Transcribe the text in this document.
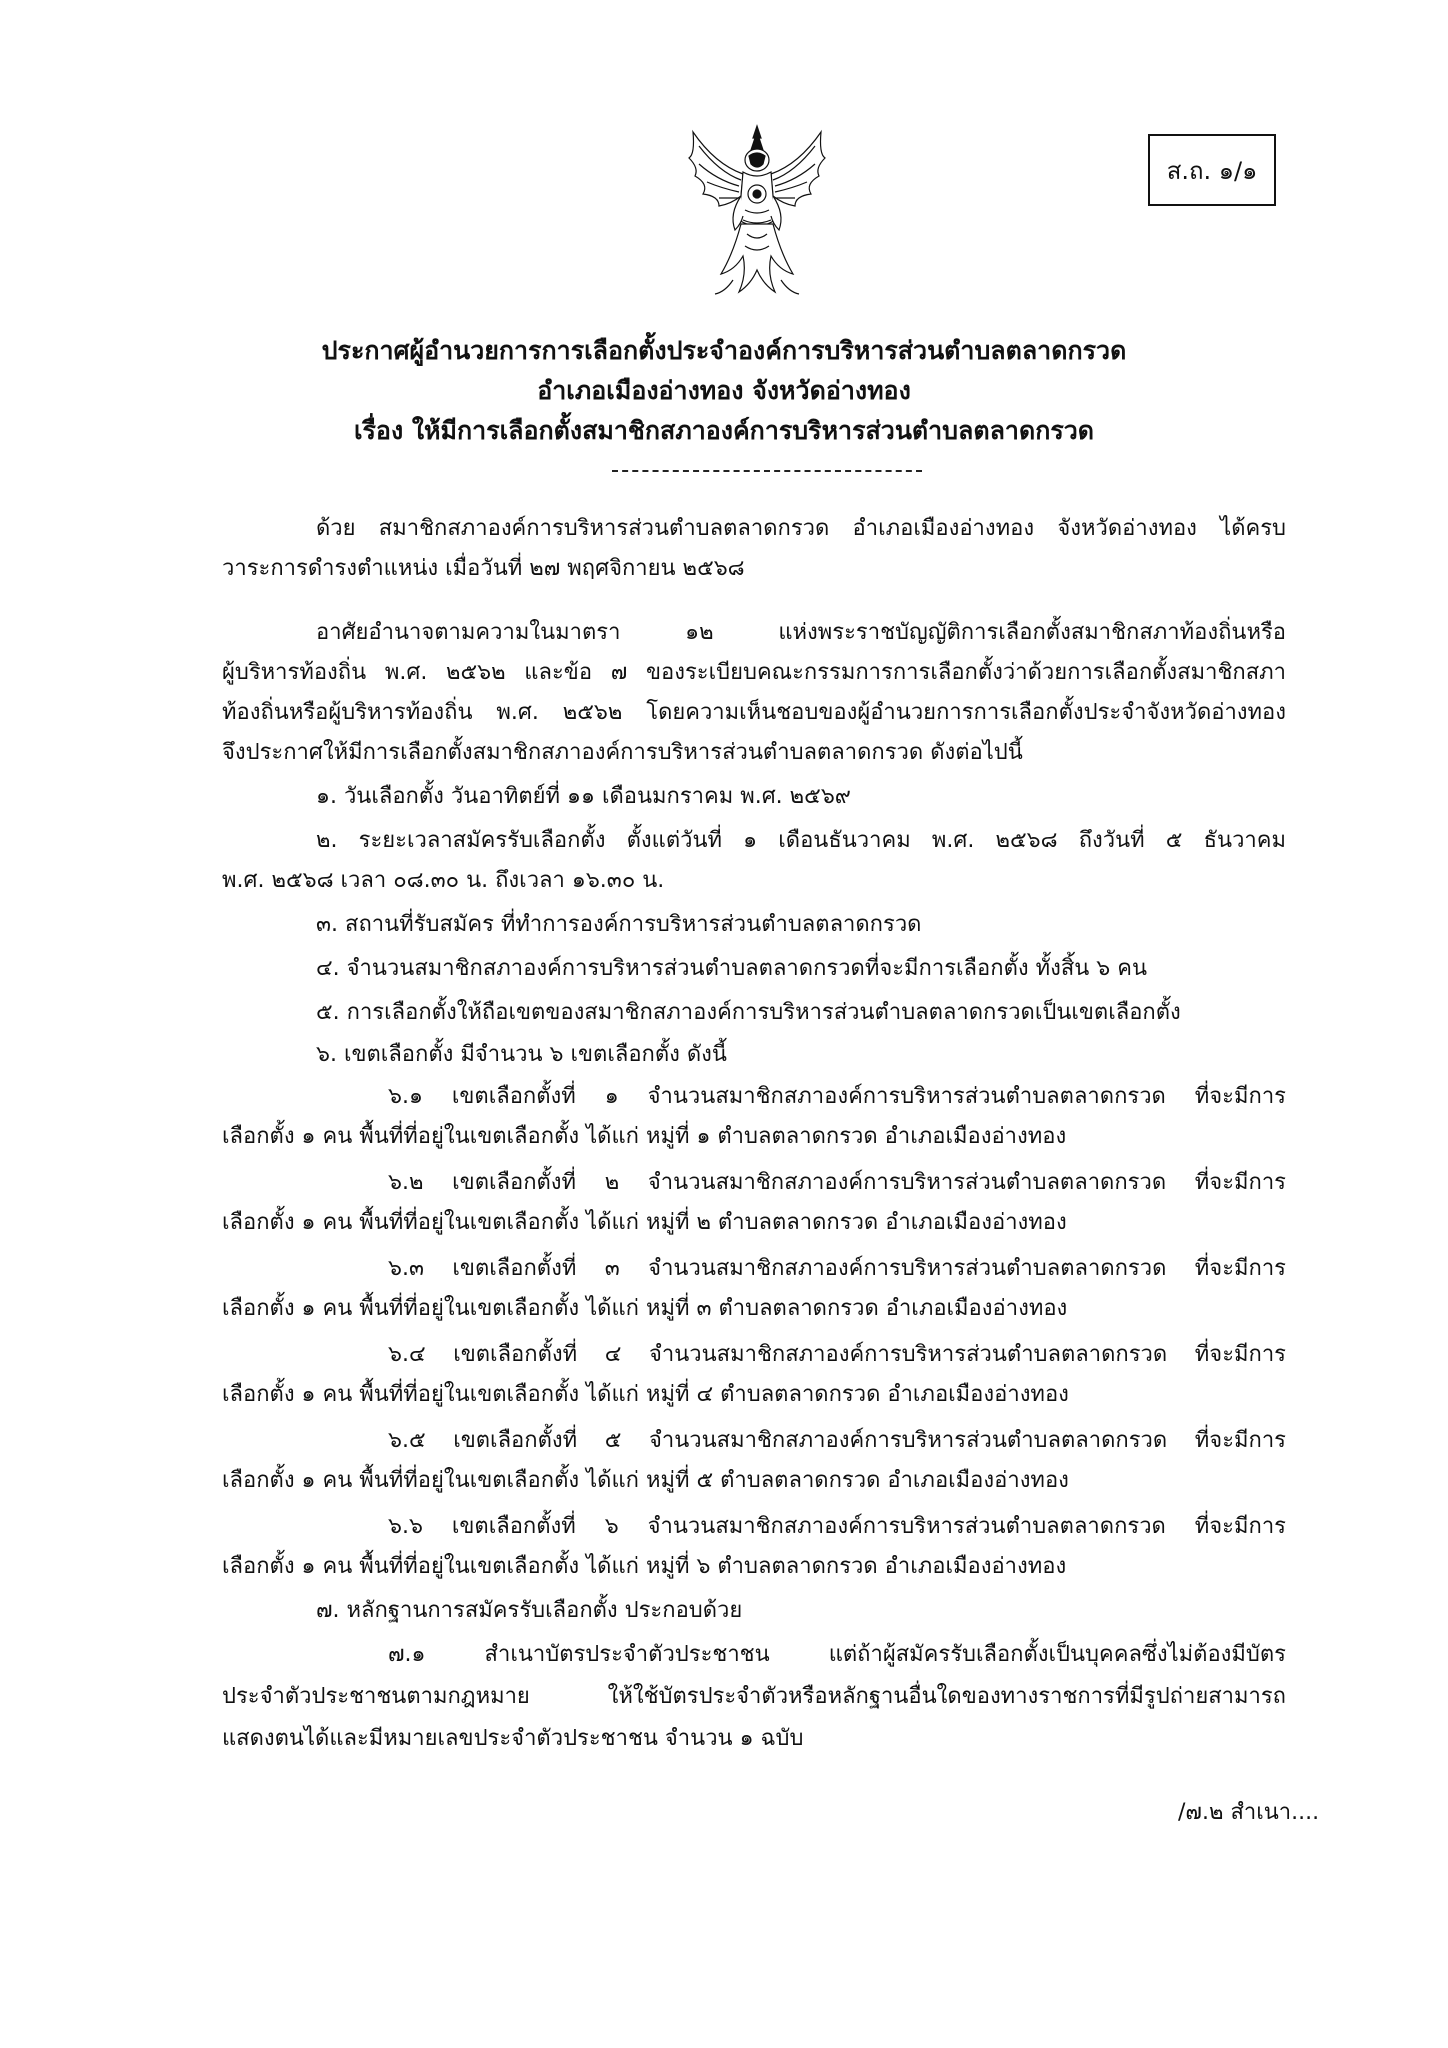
ส.ถ. ๑/๑
ประกาศผู้อำนวยการการเลือกตั้งประจำองค์การบริหารส่วนตำบลตลาดกรวด
อำเภอเมืองอ่างทอง จังหวัดอ่างทอง
เรื่อง ให้มีการเลือกตั้งสมาชิกสภาองค์การบริหารส่วนตำบลตลาดกรวด
ด้วย สมาชิกสภาองค์การบริหารส่วนตำบลตลาดกรวด อำเภอเมืองอ่างทอง จังหวัดอ่างทอง ได้ครบ
วาระการดำรงตำแหน่ง เมื่อวันที่ ๒๗ พฤศจิกายน ๒๕๖๘
อาศัยอำนาจตามความในมาตรา ๑๒ แห่งพระราชบัญญัติการเลือกตั้งสมาชิกสภาท้องถิ่นหรือ
ผู้บริหารท้องถิ่น พ.ศ. ๒๕๖๒ และข้อ ๗ ของระเบียบคณะกรรมการการเลือกตั้งว่าด้วยการเลือกตั้งสมาชิกสภา
ท้องถิ่นหรือผู้บริหารท้องถิ่น พ.ศ. ๒๕๖๒ โดยความเห็นชอบของผู้อำนวยการการเลือกตั้งประจำจังหวัดอ่างทอง
จึงประกาศให้มีการเลือกตั้งสมาชิกสภาองค์การบริหารส่วนตำบลตลาดกรวด ดังต่อไปนี้
๑. วันเลือกตั้ง วันอาทิตย์ที่ ๑๑ เดือนมกราคม พ.ศ. ๒๕๖๙
๒. ระยะเวลาสมัครรับเลือกตั้ง ตั้งแต่วันที่ ๑ เดือนธันวาคม พ.ศ. ๒๕๖๘ ถึงวันที่ ๕ ธันวาคม
พ.ศ. ๒๕๖๘ เวลา ๐๘.๓๐ น. ถึงเวลา ๑๖.๓๐ น.
๓. สถานที่รับสมัคร ที่ทำการองค์การบริหารส่วนตำบลตลาดกรวด
๔. จำนวนสมาชิกสภาองค์การบริหารส่วนตำบลตลาดกรวดที่จะมีการเลือกตั้ง ทั้งสิ้น ๖ คน
๕. การเลือกตั้งให้ถือเขตของสมาชิกสภาองค์การบริหารส่วนตำบลตลาดกรวดเป็นเขตเลือกตั้ง
๖. เขตเลือกตั้ง มีจำนวน ๖ เขตเลือกตั้ง ดังนี้
๖.๑ เขตเลือกตั้งที่ ๑ จำนวนสมาชิกสภาองค์การบริหารส่วนตำบลตลาดกรวด ที่จะมีการ
เลือกตั้ง ๑ คน พื้นที่ที่อยู่ในเขตเลือกตั้ง ได้แก่ หมู่ที่ ๑ ตำบลตลาดกรวด อำเภอเมืองอ่างทอง
๖.๒ เขตเลือกตั้งที่ ๒ จำนวนสมาชิกสภาองค์การบริหารส่วนตำบลตลาดกรวด ที่จะมีการ
เลือกตั้ง ๑ คน พื้นที่ที่อยู่ในเขตเลือกตั้ง ได้แก่ หมู่ที่ ๒ ตำบลตลาดกรวด อำเภอเมืองอ่างทอง
๖.๓ เขตเลือกตั้งที่ ๓ จำนวนสมาชิกสภาองค์การบริหารส่วนตำบลตลาดกรวด ที่จะมีการ
เลือกตั้ง ๑ คน พื้นที่ที่อยู่ในเขตเลือกตั้ง ได้แก่ หมู่ที่ ๓ ตำบลตลาดกรวด อำเภอเมืองอ่างทอง
๖.๔ เขตเลือกตั้งที่ ๔ จำนวนสมาชิกสภาองค์การบริหารส่วนตำบลตลาดกรวด ที่จะมีการ
เลือกตั้ง ๑ คน พื้นที่ที่อยู่ในเขตเลือกตั้ง ได้แก่ หมู่ที่ ๔ ตำบลตลาดกรวด อำเภอเมืองอ่างทอง
๖.๕ เขตเลือกตั้งที่ ๕ จำนวนสมาชิกสภาองค์การบริหารส่วนตำบลตลาดกรวด ที่จะมีการ
เลือกตั้ง ๑ คน พื้นที่ที่อยู่ในเขตเลือกตั้ง ได้แก่ หมู่ที่ ๕ ตำบลตลาดกรวด อำเภอเมืองอ่างทอง
๖.๖ เขตเลือกตั้งที่ ๖ จำนวนสมาชิกสภาองค์การบริหารส่วนตำบลตลาดกรวด ที่จะมีการ
เลือกตั้ง ๑ คน พื้นที่ที่อยู่ในเขตเลือกตั้ง ได้แก่ หมู่ที่ ๖ ตำบลตลาดกรวด อำเภอเมืองอ่างทอง
๗. หลักฐานการสมัครรับเลือกตั้ง ประกอบด้วย
๗.๑ สำเนาบัตรประจำตัวประชาชน แต่ถ้าผู้สมัครรับเลือกตั้งเป็นบุคคลซึ่งไม่ต้องมีบัตร
ประจำตัวประชาชนตามกฎหมาย ให้ใช้บัตรประจำตัวหรือหลักฐานอื่นใดของทางราชการที่มีรูปถ่ายสามารถ
แสดงตนได้และมีหมายเลขประจำตัวประชาชน จำนวน ๑ ฉบับ
/๗.๒ สำเนา....
